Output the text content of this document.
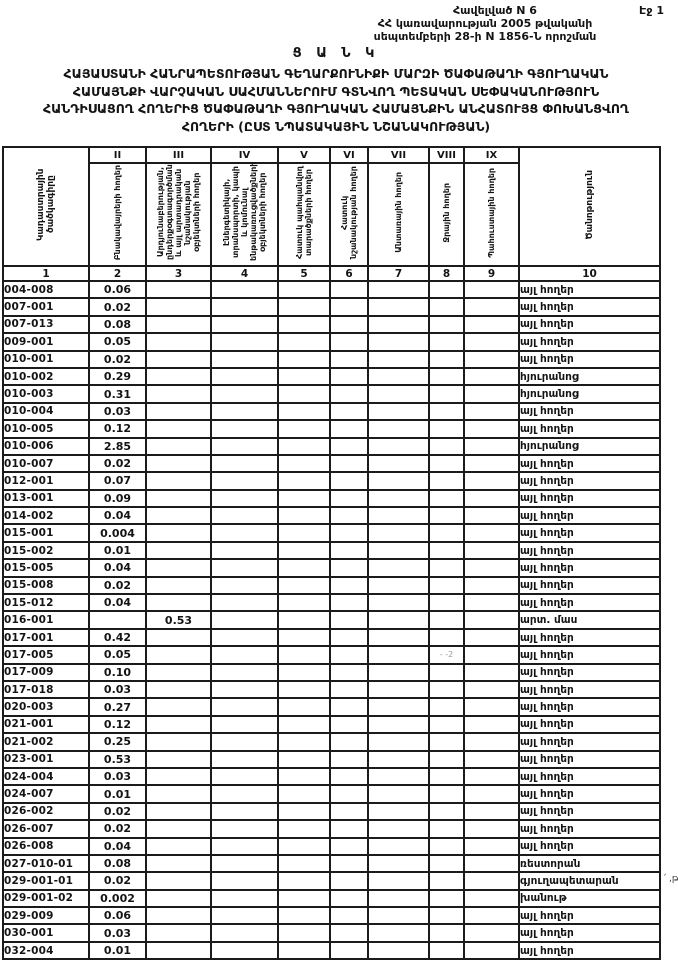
Հավելված N 6	Էջ 1
ՀՀ կառավարության 2005 թվականի
սեպտեմբերի 28-ի N 1856-Ն որոշման
Ց Ա Ն Կ
ՀԱՅԱՍՏԱՆԻ ՀԱՆՐԱՊԵՏՈՒԹՅԱՆ ԳԵՂԱՐՔՈՒՆԻՔԻ ՄԱՐԶԻ ԾԱՓԱԹԱՂԻ ԳՅՈՒՂԱԿԱՆ
ՀԱՄԱՅՆՔԻ ՎԱՐՉԱԿԱՆ ՍԱՀՄԱՆՆԵՐՈՒՄ ԳՏՆՎՈՂ ՊԵՏԱԿԱՆ ՍԵՓԱԿԱՆՈՒԹՅՈՒՆ
ՀԱՆԴԻՍԱՑՈՂ ՀՈՂԵՐԻՑ ԾԱՓԱԹԱՂԻ ԳՅՈՒՂԱԿԱՆ ՀԱՄԱՅՆՔԻՆ ԱՆՀԱՏՈՒՅՑ ՓՈԽԱՆՑՎՈՂ
ՀՈՂԵՐԻ (ԸՍՏ ՆՊԱՏԱԿԱՅԻՆ ՆՇԱՆԱԿՈՒԹՅԱՆ)
Կադաստրային ծածկագիրը	II	III	IV	V	VI	VII	VIII	IX	Ծանոթություն
	Բնակավայրերի հողեր	Արդյունաբերության, ընդերքօգտագործման և այլ արտադրական նշանակության օբյեկտների հողեր	Էներգետիկայի, տրանսպորտի, կապի և կոմունալ ենթակառուցվածքների օբյեկտների հողեր	Հատուկ պահպանվող տարածքների հողեր	Հատուկ նշանակության հողեր	Անտառային հողեր	Ջրային հողեր	Պահուստային հողեր	
1	2	3	4	5	6	7	8	9	10
004-008	0.06								այլ հողեր
007-001	0.02								այլ հողեր
007-013	0.08								այլ հողեր
009-001	0.05								այլ հողեր
010-001	0.02								այլ հողեր
010-002	0.29								հյուրանոց
010-003	0.31								հյուրանոց
010-004	0.03								այլ հողեր
010-005	0.12								այլ հողեր
010-006	2.85								հյուրանոց
010-007	0.02								այլ հողեր
012-001	0.07								այլ հողեր
013-001	0.09								այլ հողեր
014-002	0.04								այլ հողեր
015-001	0.004								այլ հողեր
015-002	0.01								այլ հողեր
015-005	0.04								այլ հողեր
015-008	0.02								այլ հողեր
015-012	0.04								այլ հողեր
016-001		0.53							արտ. մաս
017-001	0.42								այլ հողեր
017-005	0.05						- -2		այլ հողեր
017-009	0.10								այլ հողեր
017-018	0.03								այլ հողեր
020-003	0.27								այլ հողեր
021-001	0.12								այլ հողեր
021-002	0.25								այլ հողեր
023-001	0.53								այլ հողեր
024-004	0.03								այլ հողեր
024-007	0.01								այլ հողեր
026-002	0.02								այլ հողեր
026-007	0.02								այլ հողեր
026-008	0.04								այլ հողեր
027-010-01	0.08								ռեստորան
029-001-01	0.02								գյուղապետարան ՛ ,թ

029-001-02	0.002								խանութ
029-009	0.06								այլ հողեր
030-001	0.03								այլ հողեր
032-004	0.01								այլ հողեր
